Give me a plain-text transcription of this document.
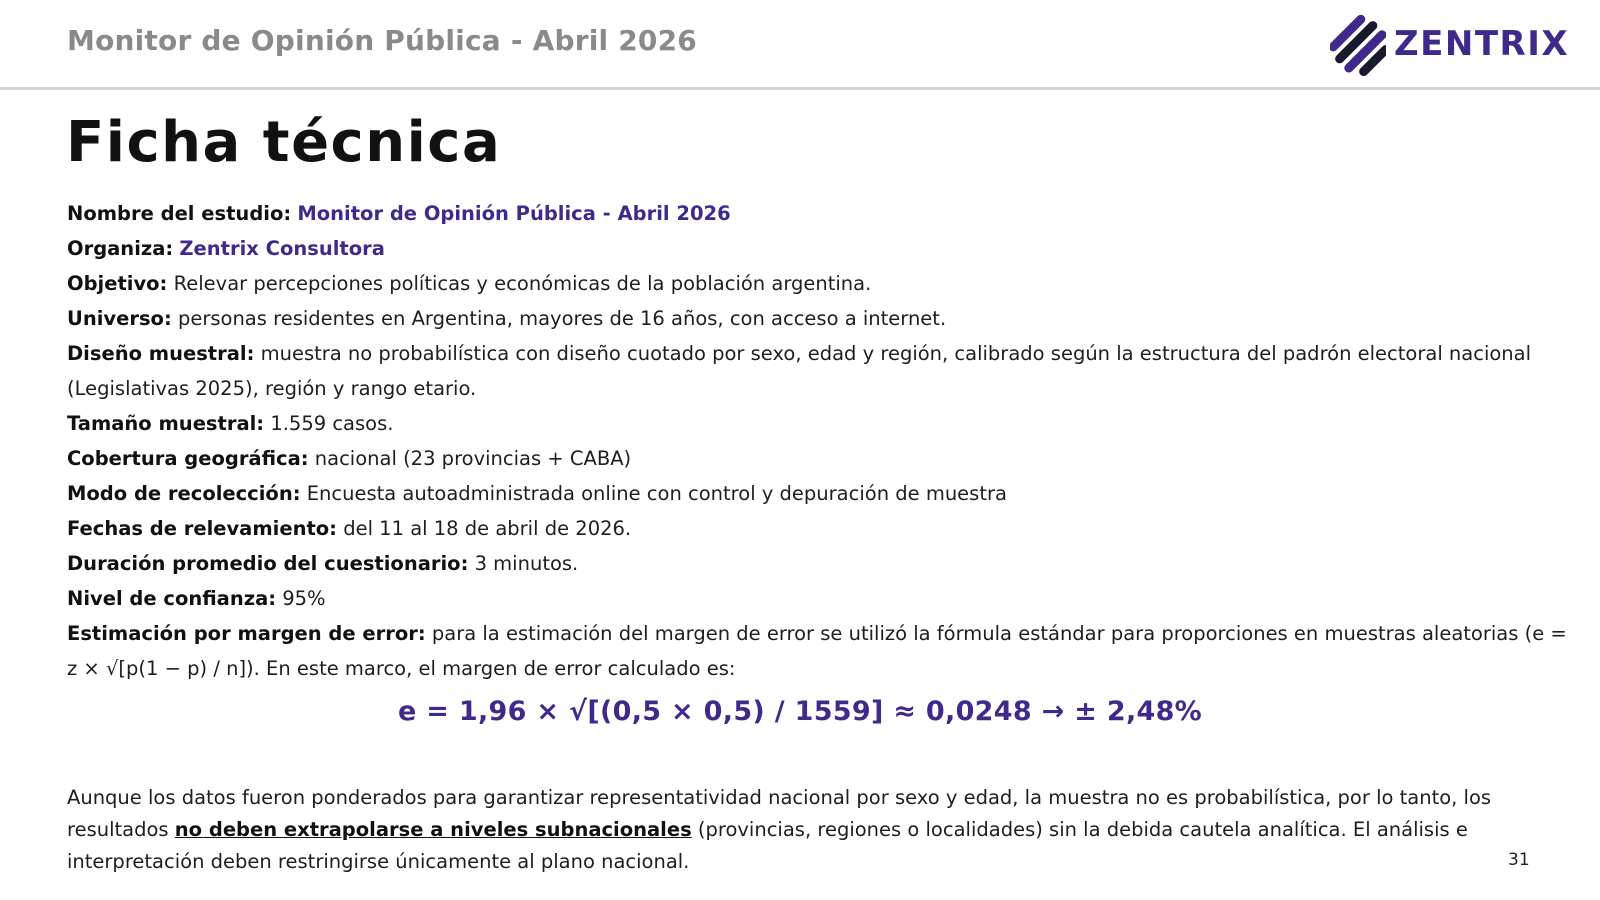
Monitor de Opinión Pública - Abril 2026	ZENTRIX
Ficha técnica

Nombre del estudio: Monitor de Opinión Pública - Abril 2026

Organiza: Zentrix Consultora

Objetivo: Relevar percepciones políticas y económicas de la población argentina.

Universo: personas residentes en Argentina, mayores de 16 años, con acceso a internet.

Diseño muestral: muestra no probabilística con diseño cuotado por sexo, edad y región, calibrado según la estructura del padrón electoral nacional (Legislativas 2025), región y rango etario.

Tamaño muestral: 1.559 casos.

Cobertura geográfica: nacional (23 provincias + CABA)

Modo de recolección: Encuesta autoadministrada online con control y depuración de muestra

Fechas de relevamiento: del 11 al 18 de abril de 2026.

Duración promedio del cuestionario: 3 minutos.

Nivel de confianza: 95%

Estimación por margen de error: para la estimación del margen de error se utilizó la fórmula estándar para proporciones en muestras aleatorias (e = z × √[p(1 − p) / n]). En este marco, el margen de error calculado es:

e = 1,96 × √[(0,5 × 0,5) / 1559] ≈ 0,0248 → ± 2,48%

Aunque los datos fueron ponderados para garantizar representatividad nacional por sexo y edad, la muestra no es probabilística, por lo tanto, los resultados no deben extrapolarse a niveles subnacionales (provincias, regiones o localidades) sin la debida cautela analítica. El análisis e interpretación deben restringirse únicamente al plano nacional.	31
